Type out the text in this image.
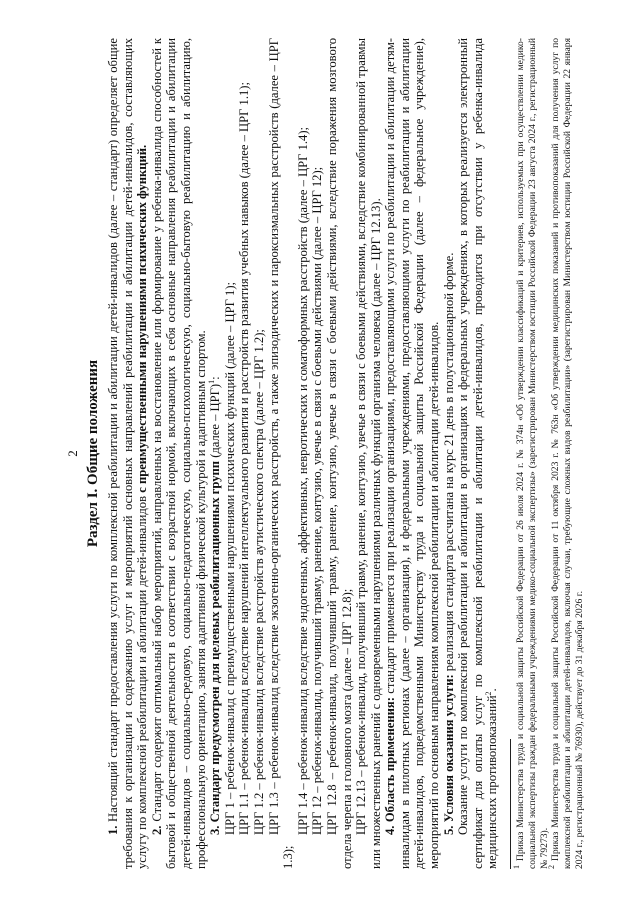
2 Раздел I. Общие положения

1. Настоящий стандарт предоставления услуги по комплексной реабилитации и абилитации детей-инвалидов (далее – стандарт) определяет общие требования к организации и содержанию услуг и мероприятий основных направлений реабилитации и абилитации детей-инвалидов, составляющих услугу по комплексной реабилитации и абилитации детей-инвалидов с преимущественными нарушениями психических функций.

2. Стандарт содержит оптимальный набор мероприятий, направленных на восстановление или формирование у ребенка-инвалида способностей к бытовой и общественной деятельности в соответствии с возрастной нормой, включающих в себя основные направления реабилитации и абилитации детей-инвалидов – социально-средовую, социально-педагогическую, социально-психологическую, социально-бытовую реабилитацию и абилитацию, профессиональную ориентацию, занятия адаптивной физической культурой и адаптивным спортом. 3. Стандарт предусмотрен для целевых реабилитационных групп (далее – ЦРГ)$^1$: ЦРГ 1 – ребенок-инвалид с преимущественными нарушениями психических функций (далее – ЦРГ 1); ЦРГ 1.1 – ребенок-инвалид вследствие нарушений интеллектуального развития и расстройств развития учебных навыков (далее – ЦРГ 1.1); ЦРГ 1.2 – ребенок-инвалид вследствие расстройств аутистического спектра (далее – ЦРГ 1.2); ЦРГ 1.3 – ребенок-инвалид вследствие экзогенно-органических расстройств, а также эпизодических и пароксизмальных расстройств (далее – ЦРГ 1.3);

ЦРГ 1.4 – ребенок-инвалид вследствие эндогенных, аффективных, невротических и соматоформных расстройств (далее – ЦРГ 1.4); ЦРГ 12 – ребенок-инвалид, получивший травму, ранение, контузию, увечье в связи с боевыми действиями (далее – ЦРГ 12); ЦРГ 12.8 – ребенок-инвалид, получивший травму, ранение, контузию, увечье в связи с боевыми действиями, вследствие поражения мозгового отдела черепа и головного мозга (далее – ЦРГ 12.8); ЦРГ 12.13 – ребенок-инвалид, получивший травму, ранение, контузию, увечье в связи с боевыми действиями, вследствие комбинированной травмы или множественных ранений с одновременными нарушениями различных функций организма человека (далее – ЦРГ 12.13). 4. Область применения: стандарт применяется при реализации организациями, предоставляющими услуги по реабилитации и абилитации детям-инвалидам в пилотных регионах (далее – организация), и федеральными учреждениями, предоставляющими услуги по реабилитации и абилитации детей-инвалидов, подведомственными Министерству труда и социальной защиты Российской Федерации (далее – федеральное учреждение), мероприятий по основным направлениям комплексной реабилитации и абилитации детей-инвалидов. 5. Условия оказания услуги: реализация стандарта рассчитана на курс 21 день в полустационарной форме. Оказание услуги по комплексной реабилитации и абилитации в организациях и федеральных учреждениях, в которых реализуется электронный сертификат для оплаты услуг по комплексной реабилитации и абилитации детей-инвалидов, проводится при отсутствии у ребенка-инвалида медицинских противопоказаний$^2$.

$^1$ Приказ Министерства труда и социальной защиты Российской Федерации от 26 июля 2024 г. № 374н «Об утверждении классификаций и критериев, используемых при осуществлении медико-социальной экспертизы граждан федеральными учреждениями медико-социальной экспертизы» (зарегистрирован Министерством юстиции Российской Федерации 23 августа 2024 г., регистрационный № 79273).

$^2$ Приказ Министерства труда и социальной защиты Российской Федерации от 11 октября 2023 г. № 763н «Об утверждении медицинских показаний и противопоказаний для получения услуг по комплексной реабилитации и абилитации детей-инвалидов, включая случаи, требующие сложных видов реабилитации» (зарегистрирован Министерством юстиции Российской Федерации 22 января 2024 г., регистрационный № 76930), действует до 31 декабря 2026 г.
